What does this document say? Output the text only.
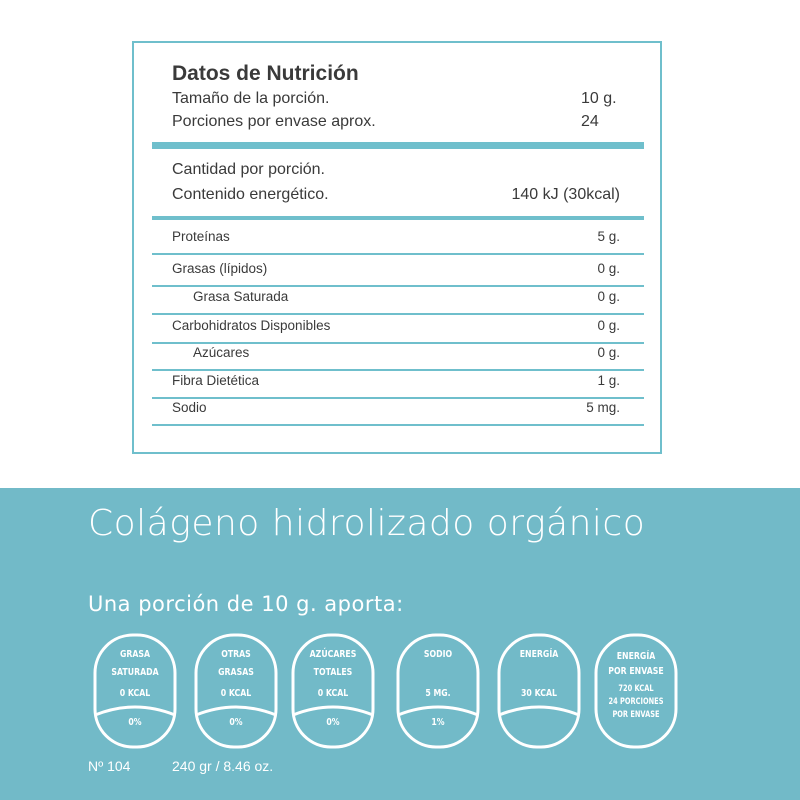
Datos de Nutrición
Tamaño de la porción.	10 g.
Porciones por envase aprox.	24
Cantidad por porción.
Contenido energético.	140 kJ (30kcal)
Proteínas	5 g.
Grasas (lípidos)	0 g.
Grasa Saturada	0 g.
Carbohidratos Disponibles	0 g.
Azúcares	0 g.
Fibra Dietética	1 g.
Sodio	5 mg.
Colágeno hidrolizado orgánico
Una porción de 10 g. aporta:
GRASA
SATURADA
0 KCAL
0%
OTRAS
GRASAS
0 KCAL
0%
AZÚCARES
TOTALES
0 KCAL
0%
SODIO
5 MG.
1%
ENERGÍA
30 KCAL
ENERGÍA
POR ENVASE
720 KCAL
24 PORCIONES
POR ENVASE
Nº 104	240 gr / 8.46 oz.
